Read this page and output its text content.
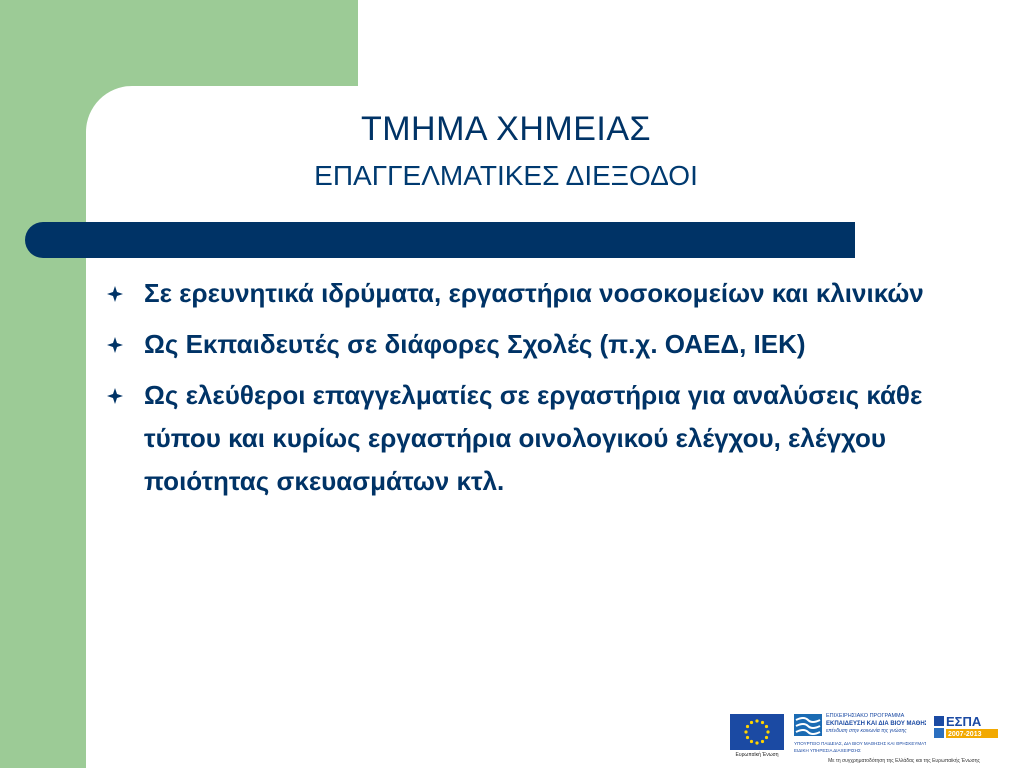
ΤΜΗΜΑ ΧΗΜΕΙΑΣ
ΕΠΑΓΓΕΛΜΑΤΙΚΕΣ ΔΙΕΞΟΔΟΙ
Σε ερευνητικά ιδρύματα, εργαστήρια νοσοκομείων και κλινικών
Ως Εκπαιδευτές σε διάφορες Σχολές (π.χ. ΟΑΕΔ, ΙΕΚ)
Ως ελεύθεροι επαγγελματίες σε εργαστήρια για αναλύσεις κάθε τύπου και κυρίως εργαστήρια οινολογικού ελέγχου, ελέγχου ποιότητας σκευασμάτων κτλ.
Ευρωπαϊκή Ένωση
ΕΠΙΧΕΙΡΗΣΙΑΚΟ ΠΡΟΓΡΑΜΜΑ
ΕΚΠΑΙΔΕΥΣΗ ΚΑΙ ΔΙΑ ΒΙΟΥ ΜΑΘΗΣΗ
επένδυση στην κοινωνία της γνώσης
ΥΠΟΥΡΓΕΙΟ ΠΑΙΔΕΙΑΣ, ΔΙΑ ΒΙΟΥ ΜΑΘΗΣΗΣ ΚΑΙ ΘΡΗΣΚΕΥΜΑΤΩΝ
ΕΙΔΙΚΗ ΥΠΗΡΕΣΙΑ ΔΙΑΧΕΙΡΙΣΗΣ
ΕΣΠΑ
2007-2013
Με τη συγχρηματοδότηση της Ελλάδας και της Ευρωπαϊκής Ένωσης
